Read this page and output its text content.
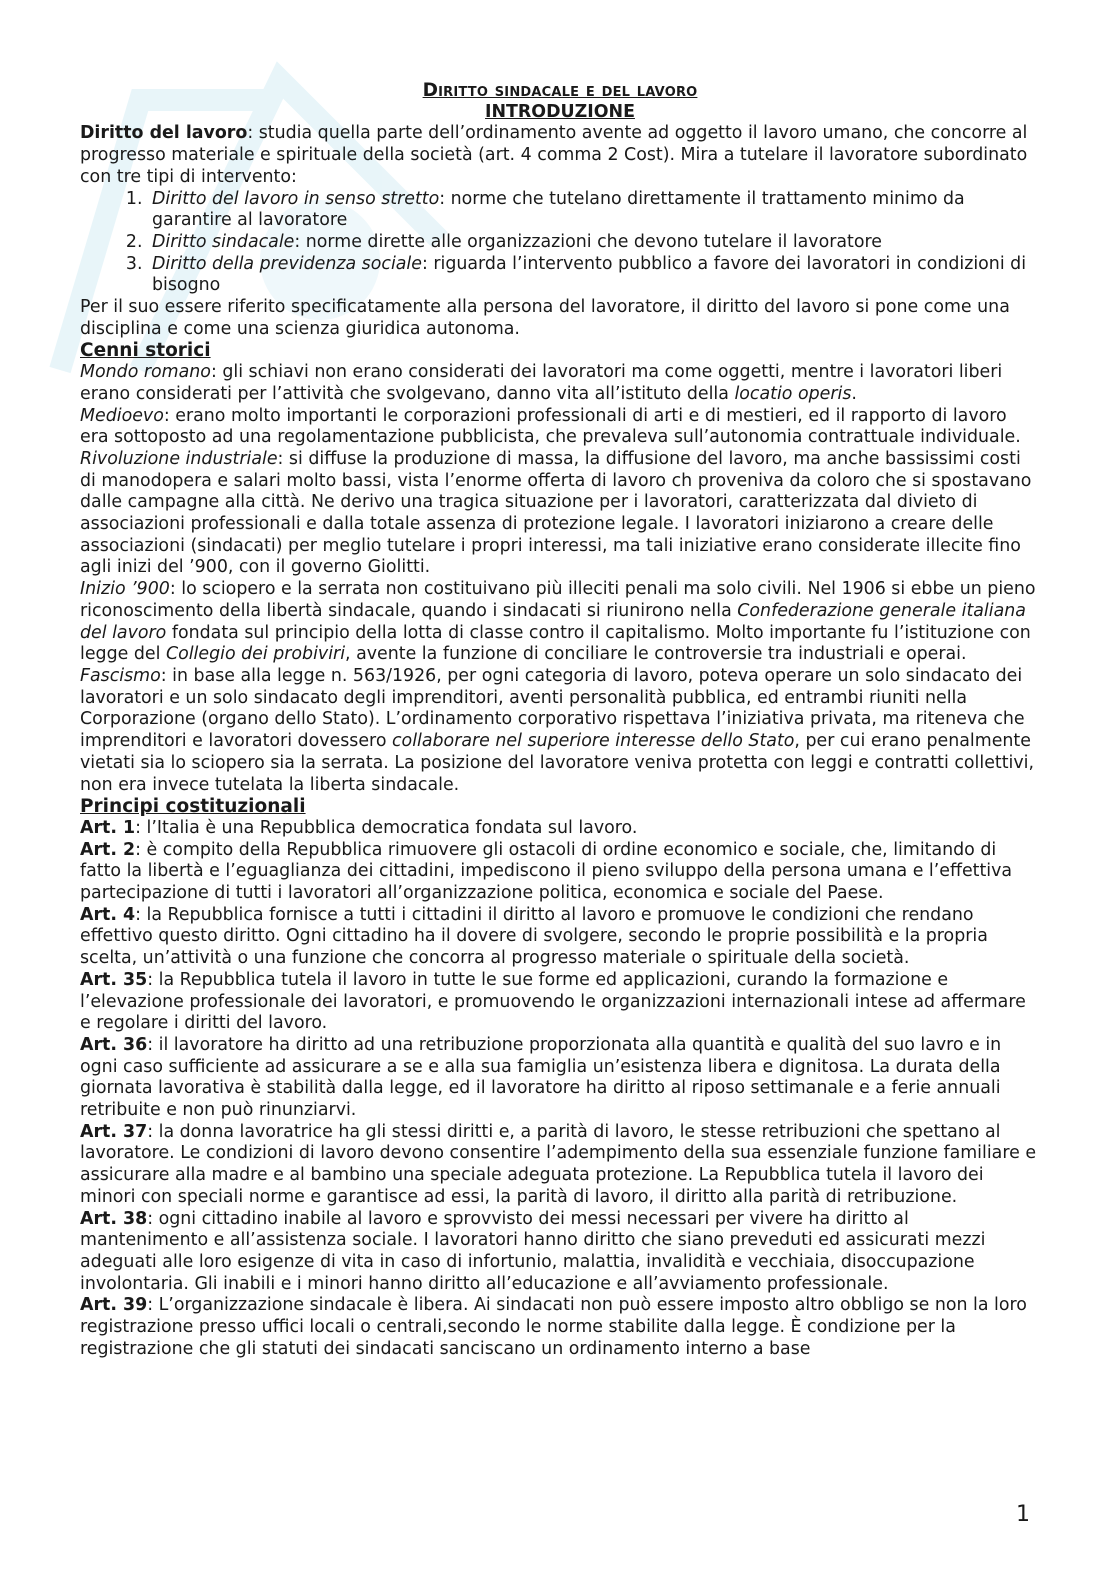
Diritto sindacale e del lavoro
INTRODUZIONE

Diritto del lavoro: studia quella parte dell’ordinamento avente ad oggetto il lavoro umano, che concorre al progresso materiale e spirituale della società (art. 4 comma 2 Cost). Mira a tutelare il lavoratore subordinato con tre tipi di intervento:

1. Diritto del lavoro in senso stretto: norme che tutelano direttamente il trattamento minimo da garantire al lavoratore
2. Diritto sindacale: norme dirette alle organizzazioni che devono tutelare il lavoratore
3. Diritto della previdenza sociale: riguarda l’intervento pubblico a favore dei lavoratori in condizioni di bisogno

Per il suo essere riferito specificatamente alla persona del lavoratore, il diritto del lavoro si pone come una disciplina e come una scienza giuridica autonoma.

Cenni storici

Mondo romano: gli schiavi non erano considerati dei lavoratori ma come oggetti, mentre i lavoratori liberi erano considerati per l’attività che svolgevano, danno vita all’istituto della locatio operis.

Medioevo: erano molto importanti le corporazioni professionali di arti e di mestieri, ed il rapporto di lavoro era sottoposto ad una regolamentazione pubblicista, che prevaleva sull’autonomia contrattuale individuale.

Rivoluzione industriale: si diffuse la produzione di massa, la diffusione del lavoro, ma anche bassissimi costi di manodopera e salari molto bassi, vista l’enorme offerta di lavoro ch proveniva da coloro che si spostavano dalle campagne alla città. Ne derivo una tragica situazione per i lavoratori, caratterizzata dal divieto di associazioni professionali e dalla totale assenza di protezione legale. I lavoratori iniziarono a creare delle associazioni (sindacati) per meglio tutelare i propri interessi, ma tali iniziative erano considerate illecite fino agli inizi del ’900, con il governo Giolitti.

Inizio ’900: lo sciopero e la serrata non costituivano più illeciti penali ma solo civili. Nel 1906 si ebbe un pieno riconoscimento della libertà sindacale, quando i sindacati si riunirono nella Confederazione generale italiana del lavoro fondata sul principio della lotta di classe contro il capitalismo. Molto importante fu l’istituzione con legge del Collegio dei probiviri, avente la funzione di conciliare le controversie tra industriali e operai.

Fascismo: in base alla legge n. 563/1926, per ogni categoria di lavoro, poteva operare un solo sindacato dei lavoratori e un solo sindacato degli imprenditori, aventi personalità pubblica, ed entrambi riuniti nella Corporazione (organo dello Stato). L’ordinamento corporativo rispettava l’iniziativa privata, ma riteneva che imprenditori e lavoratori dovessero collaborare nel superiore interesse dello Stato, per cui erano penalmente vietati sia lo sciopero sia la serrata. La posizione del lavoratore veniva protetta con leggi e contratti collettivi, non era invece tutelata la liberta sindacale.

Principi costituzionali

Art. 1: l’Italia è una Repubblica democratica fondata sul lavoro.

Art. 2: è compito della Repubblica rimuovere gli ostacoli di ordine economico e sociale, che, limitando di fatto la libertà e l’eguaglianza dei cittadini, impediscono il pieno sviluppo della persona umana e l’effettiva partecipazione di tutti i lavoratori all’organizzazione politica, economica e sociale del Paese.

Art. 4: la Repubblica fornisce a tutti i cittadini il diritto al lavoro e promuove le condizioni che rendano effettivo questo diritto. Ogni cittadino ha il dovere di svolgere, secondo le proprie possibilità e la propria scelta, un’attività o una funzione che concorra al progresso materiale o spirituale della società.

Art. 35: la Repubblica tutela il lavoro in tutte le sue forme ed applicazioni, curando la formazione e l’elevazione professionale dei lavoratori, e promuovendo le organizzazioni internazionali intese ad affermare e regolare i diritti del lavoro.

Art. 36: il lavoratore ha diritto ad una retribuzione proporzionata alla quantità e qualità del suo lavro e in ogni caso sufficiente ad assicurare a se e alla sua famiglia un’esistenza libera e dignitosa. La durata della giornata lavorativa è stabilità dalla legge, ed il lavoratore ha diritto al riposo settimanale e a ferie annuali retribuite e non può rinunziarvi.

Art. 37: la donna lavoratrice ha gli stessi diritti e, a parità di lavoro, le stesse retribuzioni che spettano al lavoratore. Le condizioni di lavoro devono consentire l’adempimento della sua essenziale funzione familiare e assicurare alla madre e al bambino una speciale adeguata protezione. La Repubblica tutela il lavoro dei minori con speciali norme e garantisce ad essi, la parità di lavoro, il diritto alla parità di retribuzione.

Art. 38: ogni cittadino inabile al lavoro e sprovvisto dei messi necessari per vivere ha diritto al mantenimento e all’assistenza sociale. I lavoratori hanno diritto che siano preveduti ed assicurati mezzi adeguati alle loro esigenze di vita in caso di infortunio, malattia, invalidità e vecchiaia, disoccupazione involontaria. Gli inabili e i minori hanno diritto all’educazione e all’avviamento professionale.

Art. 39: L’organizzazione sindacale è libera. Ai sindacati non può essere imposto altro obbligo se non la loro registrazione presso uffici locali o centrali,secondo le norme stabilite dalla legge. È condizione per la registrazione che gli statuti dei sindacati sanciscano un ordinamento interno a base

1
